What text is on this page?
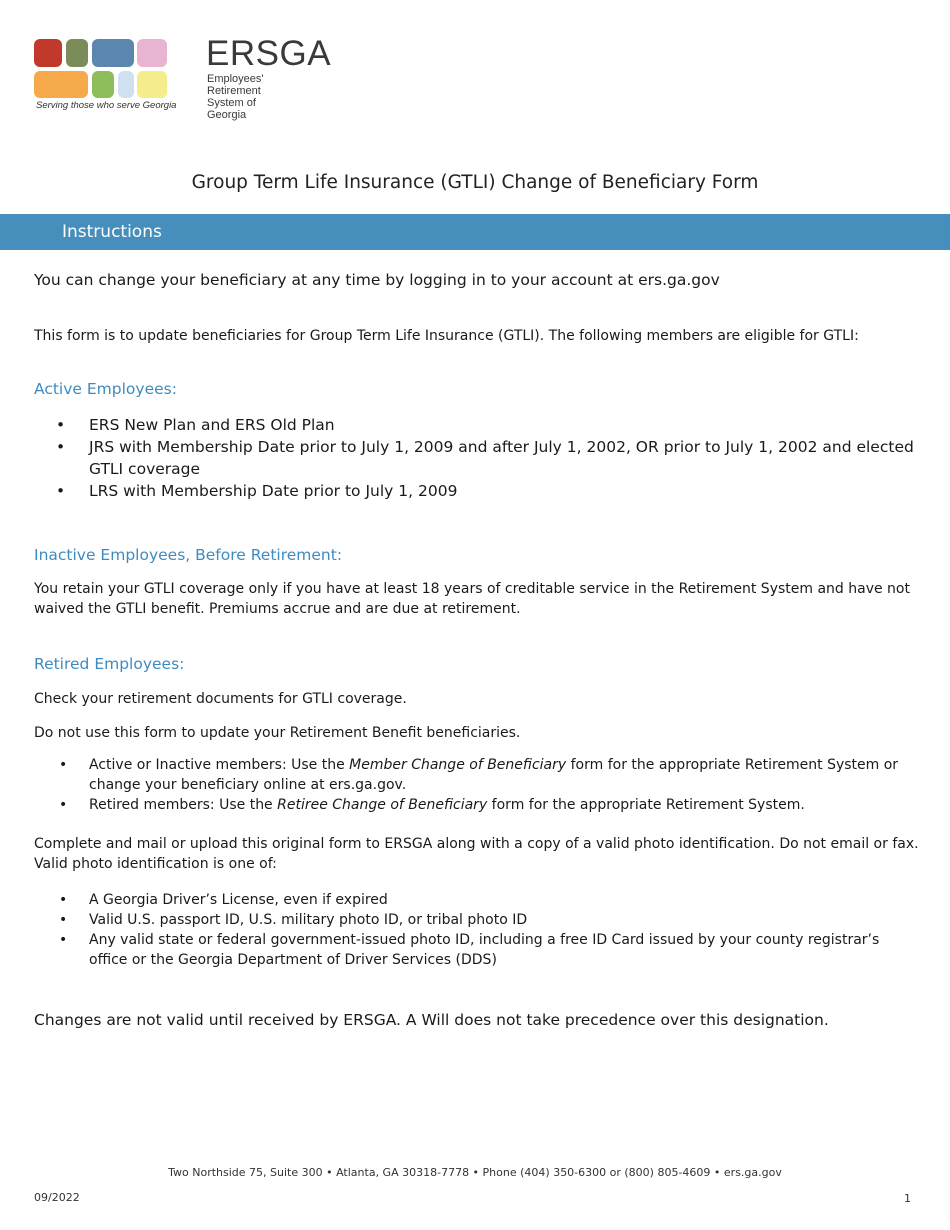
ERSGA
Employees' Retirement
System of Georgia
Serving those who serve Georgia
Group Term Life Insurance (GTLI) Change of Beneficiary Form
Instructions
You can change your beneficiary at any time by logging in to your account at ers.ga.gov
This form is to update beneficiaries for Group Term Life Insurance (GTLI). The following members are eligible for GTLI:
Active Employees:
• ERS New Plan and ERS Old Plan
• JRS with Membership Date prior to July 1, 2009 and after July 1, 2002, OR prior to July 1, 2002 and elected GTLI coverage
• LRS with Membership Date prior to July 1, 2009
Inactive Employees, Before Retirement:
You retain your GTLI coverage only if you have at least 18 years of creditable service in the Retirement System and have not waived the GTLI benefit. Premiums accrue and are due at retirement.
Retired Employees:
Check your retirement documents for GTLI coverage.
Do not use this form to update your Retirement Benefit beneficiaries.
• Active or Inactive members: Use the Member Change of Beneficiary form for the appropriate Retirement System or change your beneficiary online at ers.ga.gov.
• Retired members: Use the Retiree Change of Beneficiary form for the appropriate Retirement System.
Complete and mail or upload this original form to ERSGA along with a copy of a valid photo identification. Do not email or fax. Valid photo identification is one of:
• A Georgia Driver’s License, even if expired
• Valid U.S. passport ID, U.S. military photo ID, or tribal photo ID
• Any valid state or federal government-issued photo ID, including a free ID Card issued by your county registrar’s office or the Georgia Department of Driver Services (DDS)
Changes are not valid until received by ERSGA. A Will does not take precedence over this designation.
Two Northside 75, Suite 300 • Atlanta, GA 30318-7778 • Phone (404) 350-6300 or (800) 805-4609 • ers.ga.gov
09/2022	1
